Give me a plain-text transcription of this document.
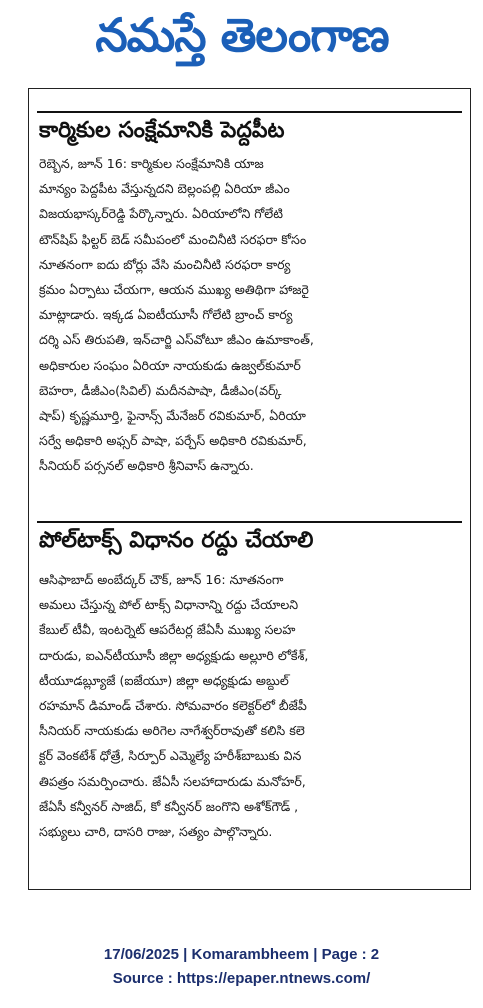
నమస్తే తెలంగాణ
కార్మికుల సంక్షేమానికి పెద్దపీట
రెబ్బెన, జూన్ 16: కార్మికుల సంక్షేమానికి యాజ
మాన్యం పెద్దపీట వేస్తున్నదని బెల్లంపల్లి ఏరియా జీఎం
విజయభాస్కర్‌రెడ్డి పేర్కొన్నారు. ఏరియాలోని గోలేటి
టౌన్‌షిప్ ఫిల్టర్ బెడ్ సమీపంలో మంచినీటి సరఫరా కోసం
నూతనంగా ఐదు బోర్లు వేసి మంచినీటి సరఫరా కార్య
క్రమం ఏర్పాటు చేయగా, ఆయన ముఖ్య అతిథిగా హాజరై
మాట్లాడారు. ఇక్కడ ఏఐటీయూసీ గోలేటి బ్రాంచ్ కార్య
దర్శి ఎస్ తిరుపతి, ఇన్‌చార్జి ఎస్‌వోటూ జీఎం ఉమాకాంత్,
అధికారుల సంఘం ఏరియా నాయకుడు ఉజ్వల్‌కుమార్
బెహరా, డీజీఎం(సివిల్) మదీనపాషా, డీజీఎం(వర్క్
షాప్) కృష్ణమూర్తి, ఫైనాన్స్ మేనేజర్ రవికుమార్, ఏరియా
సర్వే అధికారి అఫ్సర్ పాషా, పర్చేస్ అధికారి రవికుమార్,
సీనియర్ పర్సనల్ అధికారి శ్రీనివాస్ ఉన్నారు.
పోల్‌టాక్స్ విధానం రద్దు చేయాలి
ఆసిఫాబాద్ అంబేద్కర్ చౌక్, జూన్ 16: నూతనంగా
అమలు చేస్తున్న పోల్ టాక్స్ విధానాన్ని రద్దు చేయాలని
కేబుల్ టీవీ, ఇంటర్నెట్ ఆపరేటర్ల జేఏసీ ముఖ్య సలహ
దారుడు, ఐఎన్‌టీయూసీ జిల్లా అధ్యక్షుడు అల్లూరి లోకేశ్,
టీయూడబ్ల్యూజే (ఐజేయూ) జిల్లా అధ్యక్షుడు అబ్దుల్
రహమాన్ డిమాండ్ చేశారు. సోమవారం కలెక్టర్‌లో బీజేపీ
సీనియర్ నాయకుడు అరిగెల నాగేశ్వర్‌రావుతో కలిసి కలె
క్టర్ వెంకటేశ్ ధోత్రే, సిర్పూర్ ఎమ్మెల్యే హరీశ్‌బాబుకు విన
తిపత్రం సమర్పించారు. జేఏసీ సలహాదారుడు మనోహర్,
జేఏసీ కన్వీనర్ సాజిద్, కో కన్వీనర్ జంగొని అశోక్‌గౌడ్ ,
సభ్యులు చారి, దాసరి రాజు, సత్యం పాల్గొన్నారు.
17/06/2025 | Komarambheem | Page : 2
Source : https://epaper.ntnews.com/
